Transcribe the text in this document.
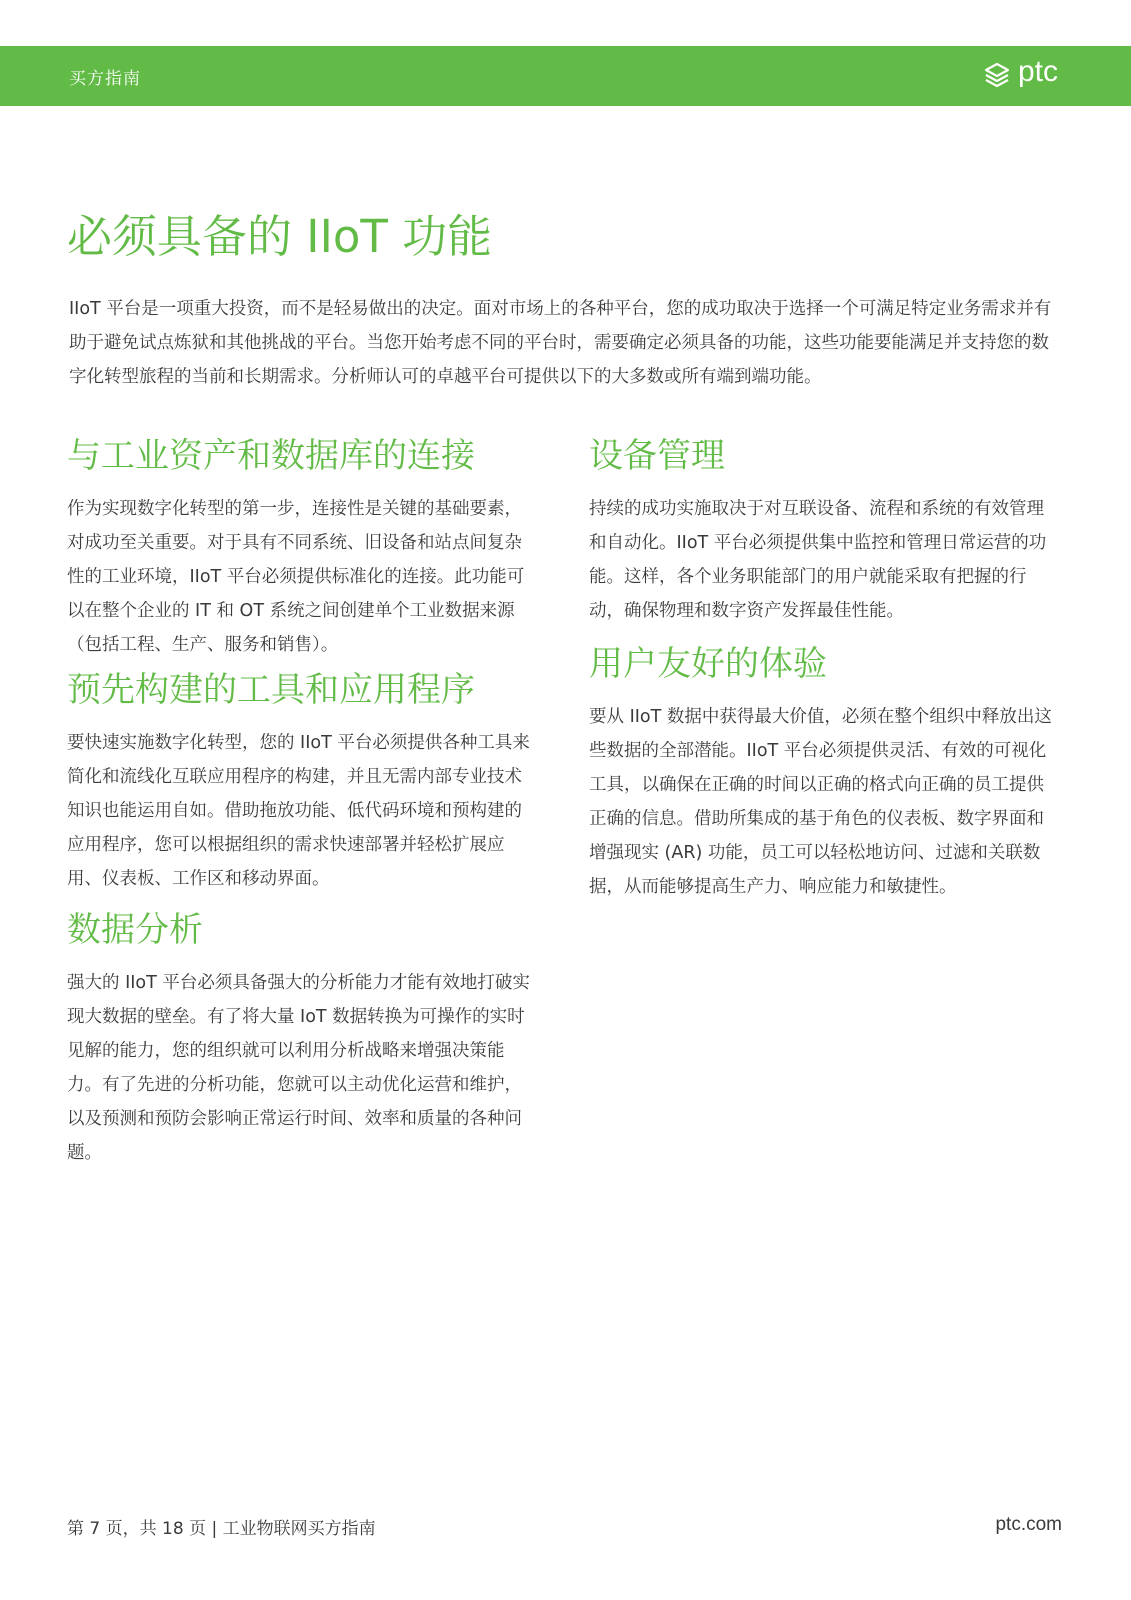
买方指南	ptc
必须具备的 IIoT 功能

IIoT 平台是一项重大投资，而不是轻易做出的决定。面对市场上的各种平台，您的成功取决于选择一个可满足特定业务需求并有助于避免试点炼狱和其他挑战的平台。当您开始考虑不同的平台时，需要确定必须具备的功能，这些功能要能满足并支持您的数字化转型旅程的当前和长期需求。分析师认可的卓越平台可提供以下的大多数或所有端到端功能。

与工业资产和数据库的连接

作为实现数字化转型的第一步，连接性是关键的基础要素，对成功至关重要。对于具有不同系统、旧设备和站点间复杂性的工业环境，IIoT 平台必须提供标准化的连接。此功能可以在整个企业的 IT 和 OT 系统之间创建单个工业数据来源（包括工程、生产、服务和销售）。

预先构建的工具和应用程序

要快速实施数字化转型，您的 IIoT 平台必须提供各种工具来简化和流线化互联应用程序的构建，并且无需内部专业技术知识也能运用自如。借助拖放功能、低代码环境和预构建的应用程序，您可以根据组织的需求快速部署并轻松扩展应用、仪表板、工作区和移动界面。

数据分析

强大的 IIoT 平台必须具备强大的分析能力才能有效地打破实现大数据的壁垒。有了将大量 IoT 数据转换为可操作的实时见解的能力，您的组织就可以利用分析战略来增强决策能力。有了先进的分析功能，您就可以主动优化运营和维护，以及预测和预防会影响正常运行时间、效率和质量的各种问题。

设备管理

持续的成功实施取决于对互联设备、流程和系统的有效管理和自动化。IIoT 平台必须提供集中监控和管理日常运营的功能。这样，各个业务职能部门的用户就能采取有把握的行动，确保物理和数字资产发挥最佳性能。

用户友好的体验

要从 IIoT 数据中获得最大价值，必须在整个组织中释放出这些数据的全部潜能。IIoT 平台必须提供灵活、有效的可视化工具，以确保在正确的时间以正确的格式向正确的员工提供正确的信息。借助所集成的基于角色的仪表板、数字界面和增强现实 (AR) 功能，员工可以轻松地访问、过滤和关联数据，从而能够提高生产力、响应能力和敏捷性。

第 7 页，共 18 页 | 工业物联网买方指南	ptc.com
